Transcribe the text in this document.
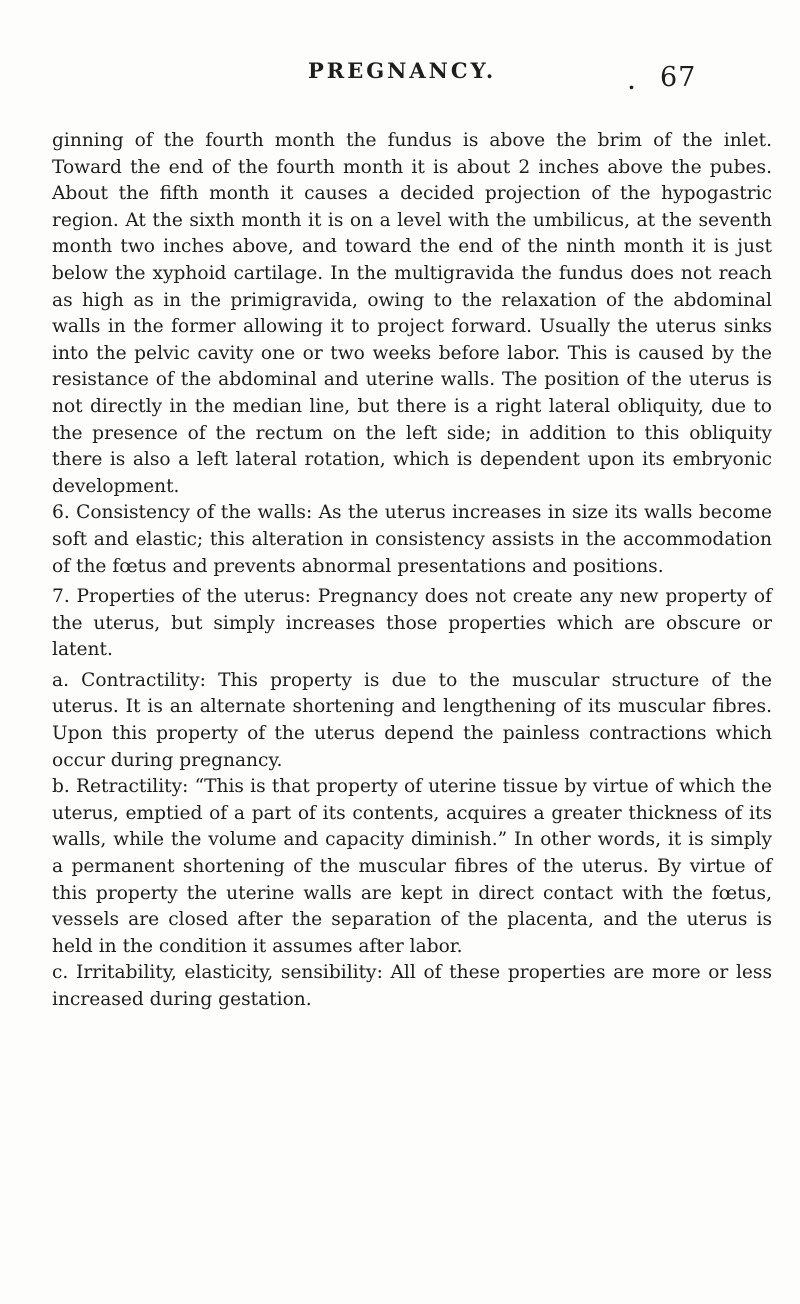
PREGNANCY.	. 67

ginning of the fourth month the fundus is above the brim of the inlet. Toward the end of the fourth month it is about 2 inches above the pubes. About the fifth month it causes a decided projection of the hypogastric region. At the sixth month it is on a level with the umbilicus, at the seventh month two inches above, and toward the end of the ninth month it is just below the xyphoid cartilage. In the multigravida the fundus does not reach as high as in the primigravida, owing to the relaxation of the abdominal walls in the former allowing it to project forward. Usually the uterus sinks into the pelvic cavity one or two weeks before labor. This is caused by the resistance of the abdominal and uterine walls. The position of the uterus is not directly in the median line, but there is a right lateral obliquity, due to the presence of the rectum on the left side; in addition to this obliquity there is also a left lateral rotation, which is dependent upon its embryonic development.

6. Consistency of the walls: As the uterus increases in size its walls become soft and elastic; this alteration in consistency assists in the accommodation of the fœtus and prevents abnormal presentations and positions.

7. Properties of the uterus: Pregnancy does not create any new property of the uterus, but simply increases those properties which are obscure or latent.

a. Contractility: This property is due to the muscular structure of the uterus. It is an alternate shortening and lengthening of its muscular fibres. Upon this property of the uterus depend the painless contractions which occur during pregnancy.

b. Retractility: “This is that property of uterine tissue by virtue of which the uterus, emptied of a part of its contents, acquires a greater thickness of its walls, while the volume and capacity diminish.” In other words, it is simply a permanent shortening of the muscular fibres of the uterus. By virtue of this property the uterine walls are kept in direct contact with the fœtus, vessels are closed after the separation of the placenta, and the uterus is held in the condition it assumes after labor.

c. Irritability, elasticity, sensibility: All of these properties are more or less increased during gestation.
